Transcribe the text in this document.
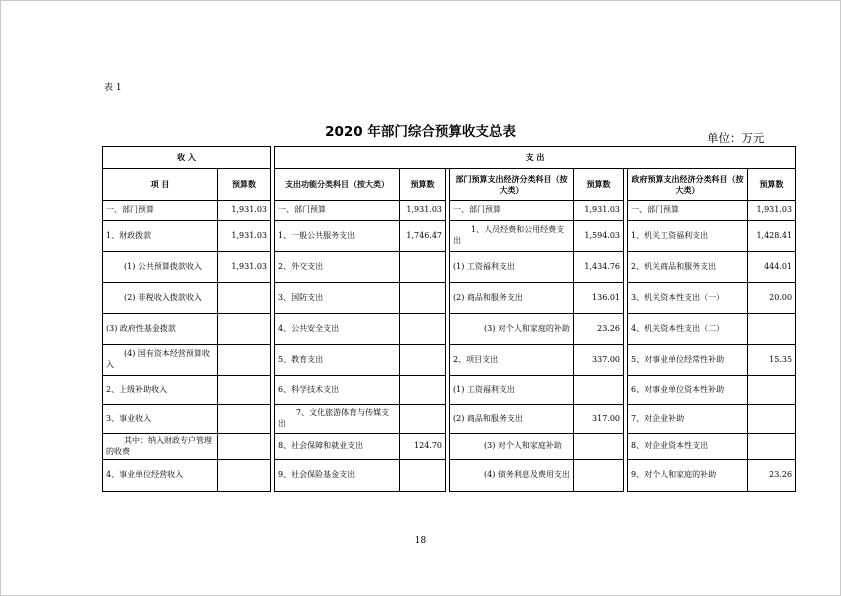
表 1
2020 年部门综合预算收支总表	单位：万元
收 入			支 出							
项 目	预算数		支出功能分类科目（按大类）	预算数		部门预算支出经济分类科目（按大类）	预算数		政府预算支出经济分类科目（按大类）	预算数
一、部门预算	1,931.03		一、部门预算	1,931.03		一、部门预算	1,931.03		一、部门预算	1,931.03
1、财政拨款	1,931.03		1、一般公共服务支出	1,746.47		1、人员经费和公用经费支出	1,594.03		1、机关工资福利支出	1,428.41
(1) 公共预算拨款收入	1,931.03		2、外交支出			(1) 工资福利支出	1,434.76		2、机关商品和服务支出	444.01
(2) 非税收入拨款收入			3、国防支出			(2) 商品和服务支出	136.01		3、机关资本性支出（一）	20.00
(3) 政府性基金拨款			4、公共安全支出			(3) 对个人和家庭的补助	23.26		4、机关资本性支出（二）	
(4) 国有资本经营预算收入			5、教育支出			2、项目支出	337.00		5、对事业单位经常性补助	15.35
2、上级补助收入			6、科学技术支出			(1) 工资福利支出			6、对事业单位资本性补助	
3、事业收入			7、文化旅游体育与传媒支出			(2) 商品和服务支出	317.00		7、对企业补助	
其中：纳入财政专户管理的收费			8、社会保障和就业支出	124.70		(3) 对个人和家庭补助			8、对企业资本性支出	
4、事业单位经营收入			9、社会保险基金支出			(4) 债务利息及费用支出			9、对个人和家庭的补助	23.26
18
